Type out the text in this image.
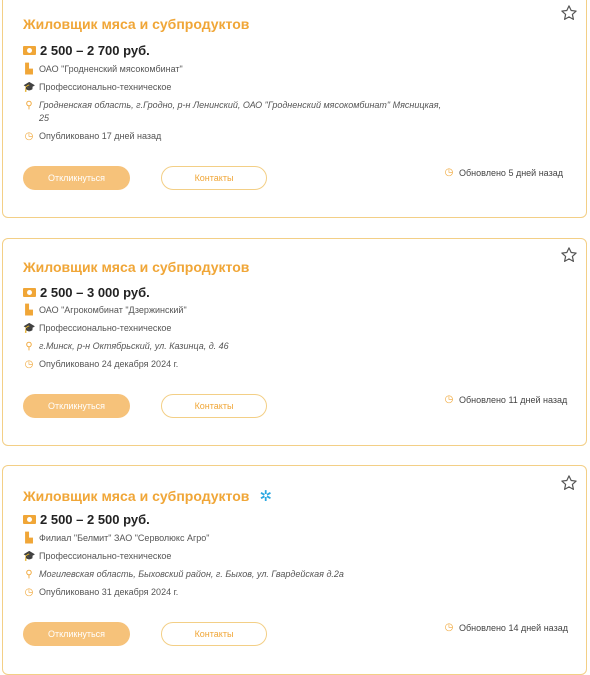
Жиловщик мяса и субпродуктов
2 500 – 2 700 руб.
▙ ОАО "Гродненский мясокомбинат"
🎓 Профессионально-техническое
⚲ Гродненская область, г.Гродно, р-н Ленинский, ОАО "Гродненский мясокомбинат" Мясницкая, 25
◷ Опубликовано 17 дней назад
Откликнуться	Контакты	◷ Обновлено 5 дней назад
Жиловщик мяса и субпродуктов
2 500 – 3 000 руб.
▙ ОАО "Агрокомбинат "Дзержинский"
🎓 Профессионально-техническое
⚲ г.Минск, р-н Октябрьский, ул. Казинца, д. 46
◷ Опубликовано 24 декабря 2024 г.
Откликнуться	Контакты
◷ Обновлено 11 дней назад
Жиловщик мяса и субпродуктов ✲
2 500 – 2 500 руб.
▙ Филиал "Белмит" ЗАО "Серволюкс Агро"
🎓 Профессионально-техническое
⚲ Могилевская область, Быховский район, г. Быхов, ул. Гвардейская д.2а
◷ Опубликовано 31 декабря 2024 г.
Откликнуться	Контакты
◷ Обновлено 14 дней назад
